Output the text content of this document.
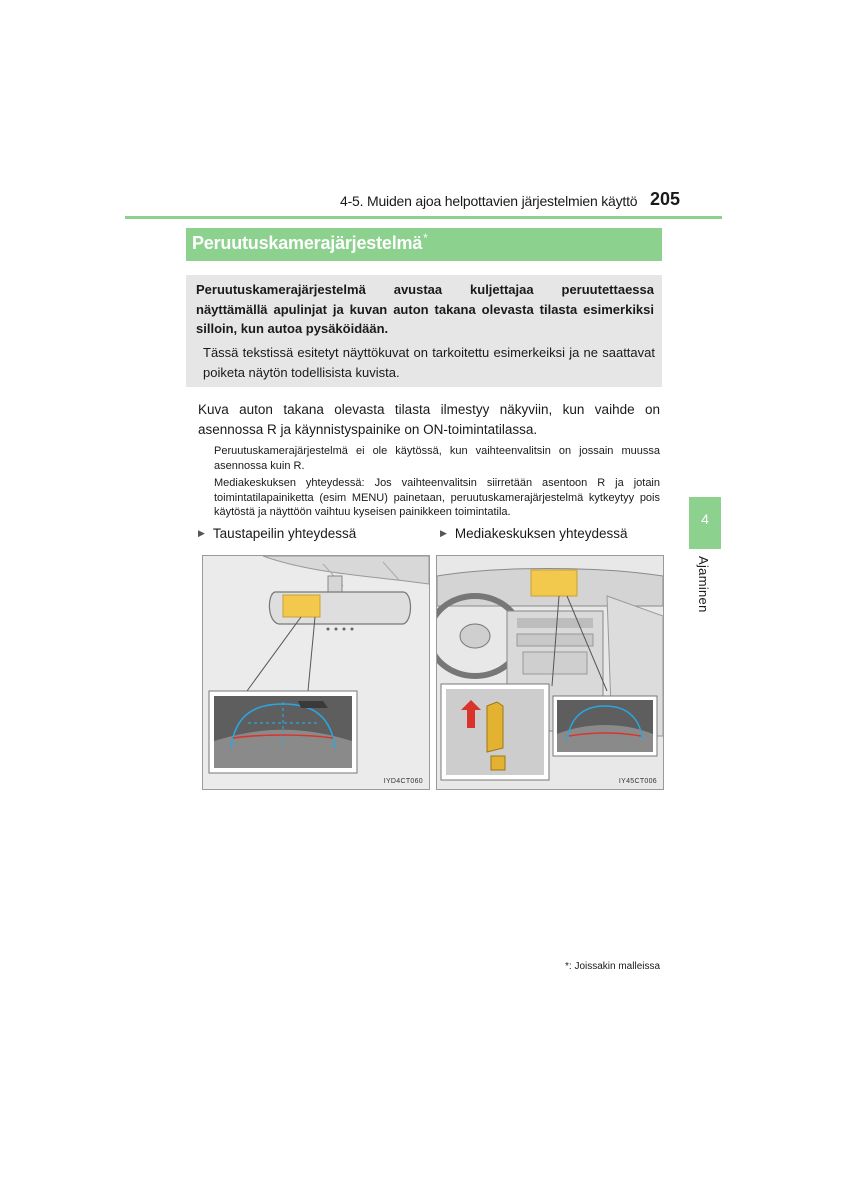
4-5. Muiden ajoa helpottavien järjestelmien käyttö 205
Peruutuskamerajärjestelmä*
Peruutuskamerajärjestelmä avustaa kuljettajaa peruutettaessa näyttämällä apulinjat ja kuvan auton takana olevasta tilasta esimerkiksi silloin, kun autoa pysäköidään.
Tässä tekstissä esitetyt näyttökuvat on tarkoitettu esimerkeiksi ja ne saattavat poiketa näytön todellisista kuvista.
Kuva auton takana olevasta tilasta ilmestyy näkyviin, kun vaihde on asennossa R ja käynnistyspainike on ON-toimintatilassa.
Peruutuskamerajärjestelmä ei ole käytössä, kun vaihteenvalitsin on jossain muussa asennossa kuin R.
Mediakeskuksen yhteydessä: Jos vaihteenvalitsin siirretään asentoon R ja jotain toimintatilapainiketta (esim MENU) painetaan, peruutuskamerajärjestelmä kytkeytyy pois käytöstä ja näyttöön vaihtuu kyseisen painikkeen toimintatila.
▶ Taustapeilin yhteydessä	▶ Mediakeskuksen yhteydessä
IYD4CT060	IY45CT006
4
Ajaminen
*: Joissakin malleissa
